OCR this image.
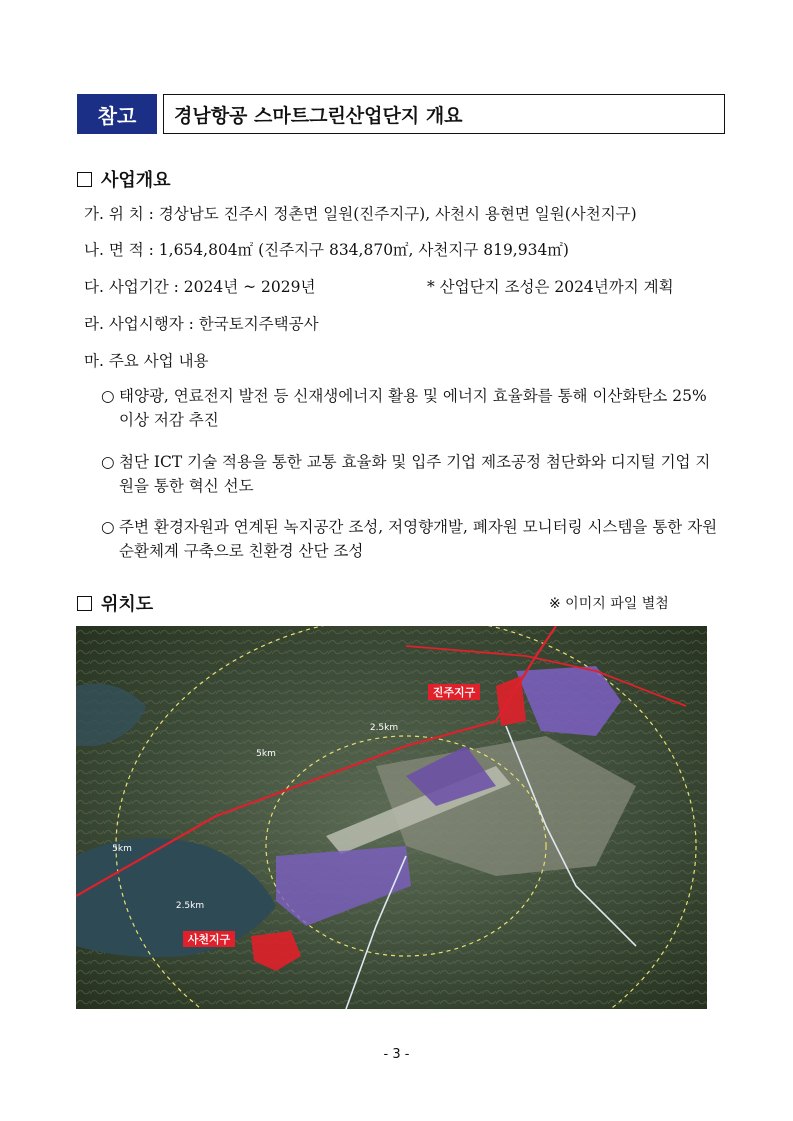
참고	경남항공 스마트그린산업단지 개요
사업개요
가. 위 치 : 경상남도 진주시 정촌면 일원(진주지구), 사천시 용현면 일원(사천지구)
나. 면 적 : 1,654,804㎡ (진주지구 834,870㎡, 사천지구 819,934㎡)
다. 사업기간 : 2024년 ~ 2029년	* 산업단지 조성은 2024년까지 계획
라. 사업시행자 : 한국토지주택공사
마. 주요 사업 내용
○ 태양광, 연료전지 발전 등 신재생에너지 활용 및 에너지 효율화를 통해 이산화탄소 25% 이상 저감 추진
○ 첨단 ICT 기술 적용을 통한 교통 효율화 및 입주 기업 제조공정 첨단화와 디지털 기업 지원을 통한 혁신 선도
○ 주변 환경자원과 연계된 녹지공간 조성, 저영향개발, 폐자원 모니터링 시스템을 통한 자원순환체계 구축으로 친환경 산단 조성
위치도	※ 이미지 파일 별첨
진주지구
사천지구
2.5km
5km
5km
2.5km
- 3 -
